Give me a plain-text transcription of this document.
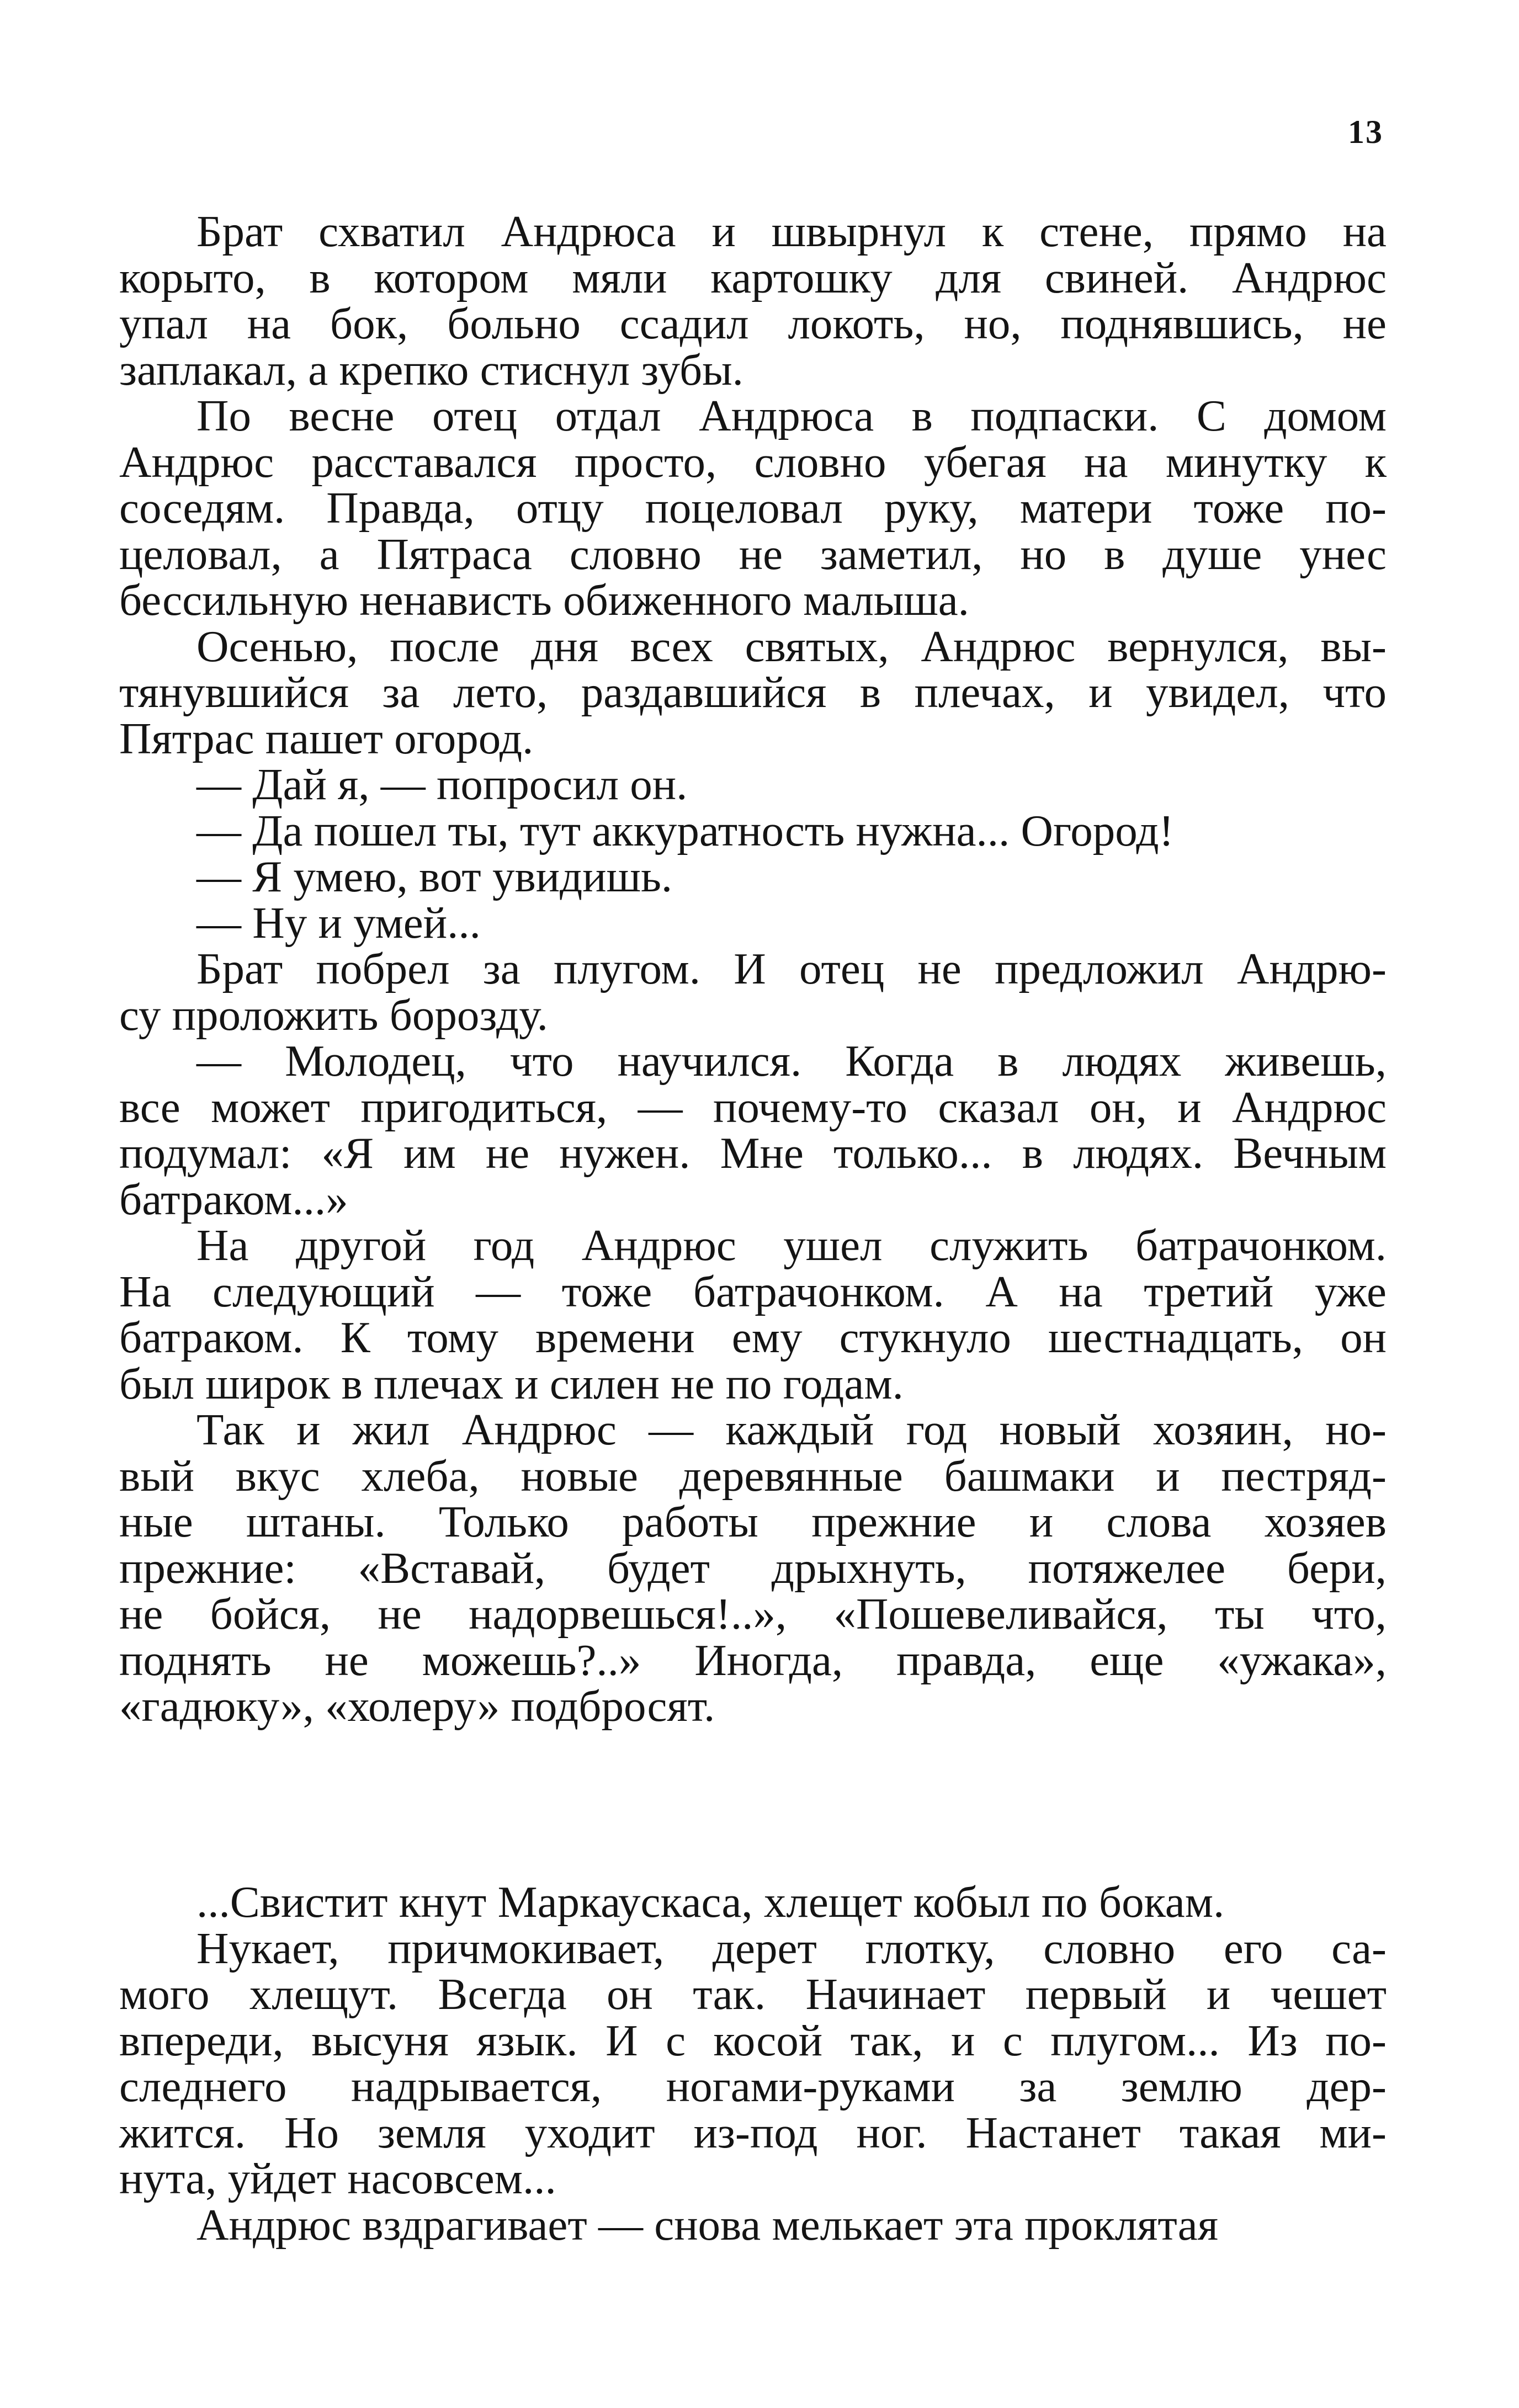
13

Брат схватил Андрюса и швырнул к стене, прямо на
корыто, в котором мяли картошку для свиней. Андрюс
упал на бок, больно ссадил локоть, но, поднявшись, не
заплакал, а крепко стиснул зубы.

По весне отец отдал Андрюса в подпаски. С домом
Андрюс расставался просто, словно убегая на минутку к
соседям. Правда, отцу поцеловал руку, матери тоже по-
целовал, а Пятраса словно не заметил, но в душе унес
бессильную ненависть обиженного малыша.

Осенью, после дня всех святых, Андрюс вернулся, вы-
тянувшийся за лето, раздавшийся в плечах, и увидел, что
Пятрас пашет огород.

— Дай я, — попросил он.

— Да пошел ты, тут аккуратность нужна... Огород!

— Я умею, вот увидишь.

— Ну и умей...

Брат побрел за плугом. И отец не предложил Андрю-
су проложить борозду.

— Молодец, что научился. Когда в людях живешь,
все может пригодиться, — почему-то сказал он, и Андрюс
подумал: «Я им не нужен. Мне только... в людях. Вечным
батраком...»

На другой год Андрюс ушел служить батрачонком.
На следующий — тоже батрачонком. А на третий уже
батраком. К тому времени ему стукнуло шестнадцать, он
был широк в плечах и силен не по годам.

Так и жил Андрюс — каждый год новый хозяин, но-
вый вкус хлеба, новые деревянные башмаки и пестряд-
ные штаны. Только работы прежние и слова хозяев
прежние: «Вставай, будет дрыхнуть, потяжелее бери,
не бойся, не надорвешься!..», «Пошевеливайся, ты что,
поднять не можешь?..» Иногда, правда, еще «ужака»,
«гадюку», «холеру» подбросят.

...Свистит кнут Маркаускаса, хлещет кобыл по бокам.

Нукает, причмокивает, дерет глотку, словно его са-
мого хлещут. Всегда он так. Начинает первый и чешет
впереди, высуня язык. И с косой так, и с плугом... Из по-
следнего надрывается, ногами-руками за землю дер-
жится. Но земля уходит из-под ног. Настанет такая ми-
нута, уйдет насовсем...

Андрюс вздрагивает — снова мелькает эта проклятая
